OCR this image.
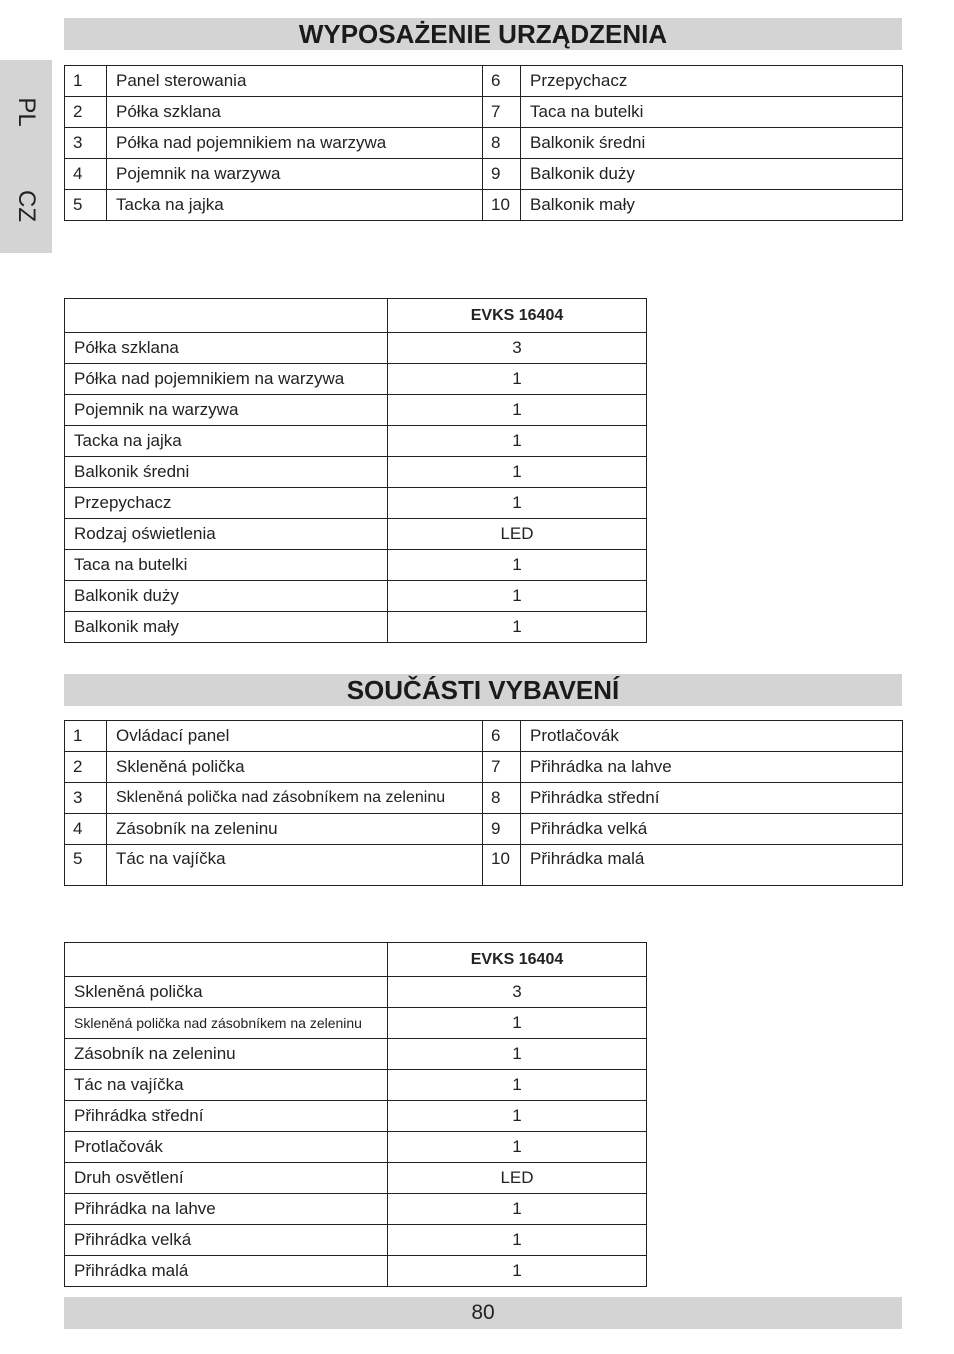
PL
CZ
WYPOSAŻENIE URZĄDZENIA
1	Panel sterowania	6	Przepychacz
2	Półka szklana	7	Taca na butelki
3	Półka nad pojemnikiem na warzywa	8	Balkonik średni
4	Pojemnik na warzywa	9	Balkonik duży
5	Tacka na jajka	10	Balkonik mały
	EVKS 16404
Półka szklana	3
Półka nad pojemnikiem na warzywa	1
Pojemnik na warzywa	1
Tacka na jajka	1
Balkonik średni	1
Przepychacz	1
Rodzaj oświetlenia	LED
Taca na butelki	1
Balkonik duży	1
Balkonik mały	1
SOUČÁSTI VYBAVENÍ
1	Ovládací panel	6	Protlačovák
2	Skleněná polička	7	Přihrádka na lahve
3	Skleněná polička nad zásobníkem na zeleninu	8	Přihrádka střední
4	Zásobník na zeleninu	9	Přihrádka velká
5	Tác na vajíčka	10	Přihrádka malá
	EVKS 16404
Skleněná polička	3
Skleněná polička nad zásobníkem na zeleninu	1
Zásobník na zeleninu	1
Tác na vajíčka	1
Přihrádka střední	1
Protlačovák	1
Druh osvětlení	LED
Přihrádka na lahve	1
Přihrádka velká	1
Přihrádka malá	1
80
